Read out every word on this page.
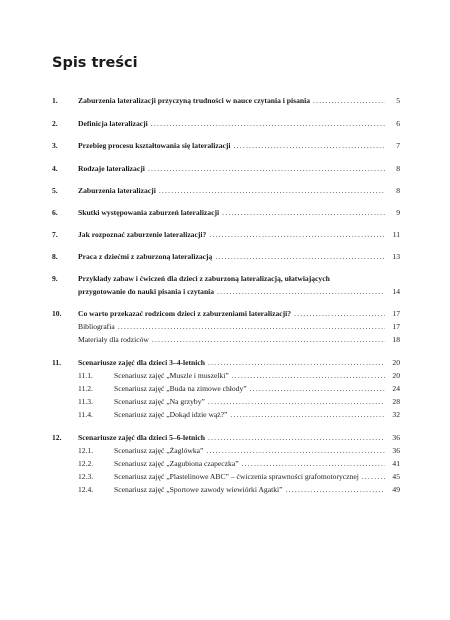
Spis treści
1.	Zaburzenia lateralizacji przyczyną trudności w nauce czytania i pisania .....	5
2.	Definicja lateralizacji .....	6
3.	Przebieg procesu kształtowania się lateralizacji .....	7
4.	Rodzaje lateralizacji .....	8
5.	Zaburzenia lateralizacji .....	8
6.	Skutki występowania zaburzeń lateralizacji .....	9
7.	Jak rozpoznać zaburzenie lateralizacji? .....	11
8.	Praca z dziećmi z zaburzoną lateralizacją .....	13
9.	Przykłady zabaw i ćwiczeń dla dzieci z zaburzoną lateralizacją, ułatwiających
przygotowanie do nauki pisania i czytania .....	14
10.	Co warto przekazać rodzicom dzieci z zaburzeniami lateralizacji? .....	17
Bibliografia .....	17
Materiały dla rodziców .....	18
11.	Scenariusze zajęć dla dzieci 3–4-letnich .....	20
11.1.	Scenariusz zajęć „Muszle i muszelki” .....	20
11.2.	Scenariusz zajęć „Buda na zimowe chłody” .....	24
11.3.	Scenariusz zajęć „Na grzyby” .....	28
11.4.	Scenariusz zajęć „Dokąd idzie wąż?” .....	32
12.	Scenariusze zajęć dla dzieci 5–6-letnich .....	36
12.1.	Scenariusz zajęć „Żaglówka” .....	36
12.2.	Scenariusz zajęć „Zagubiona czapeczka” .....	41
12.3.	Scenariusz zajęć „Plastelinowe ABC” – ćwiczenia sprawności grafomotorycznej .....	45
12.4.	Scenariusz zajęć „Sportowe zawody wiewiórki Agatki” .....	49
